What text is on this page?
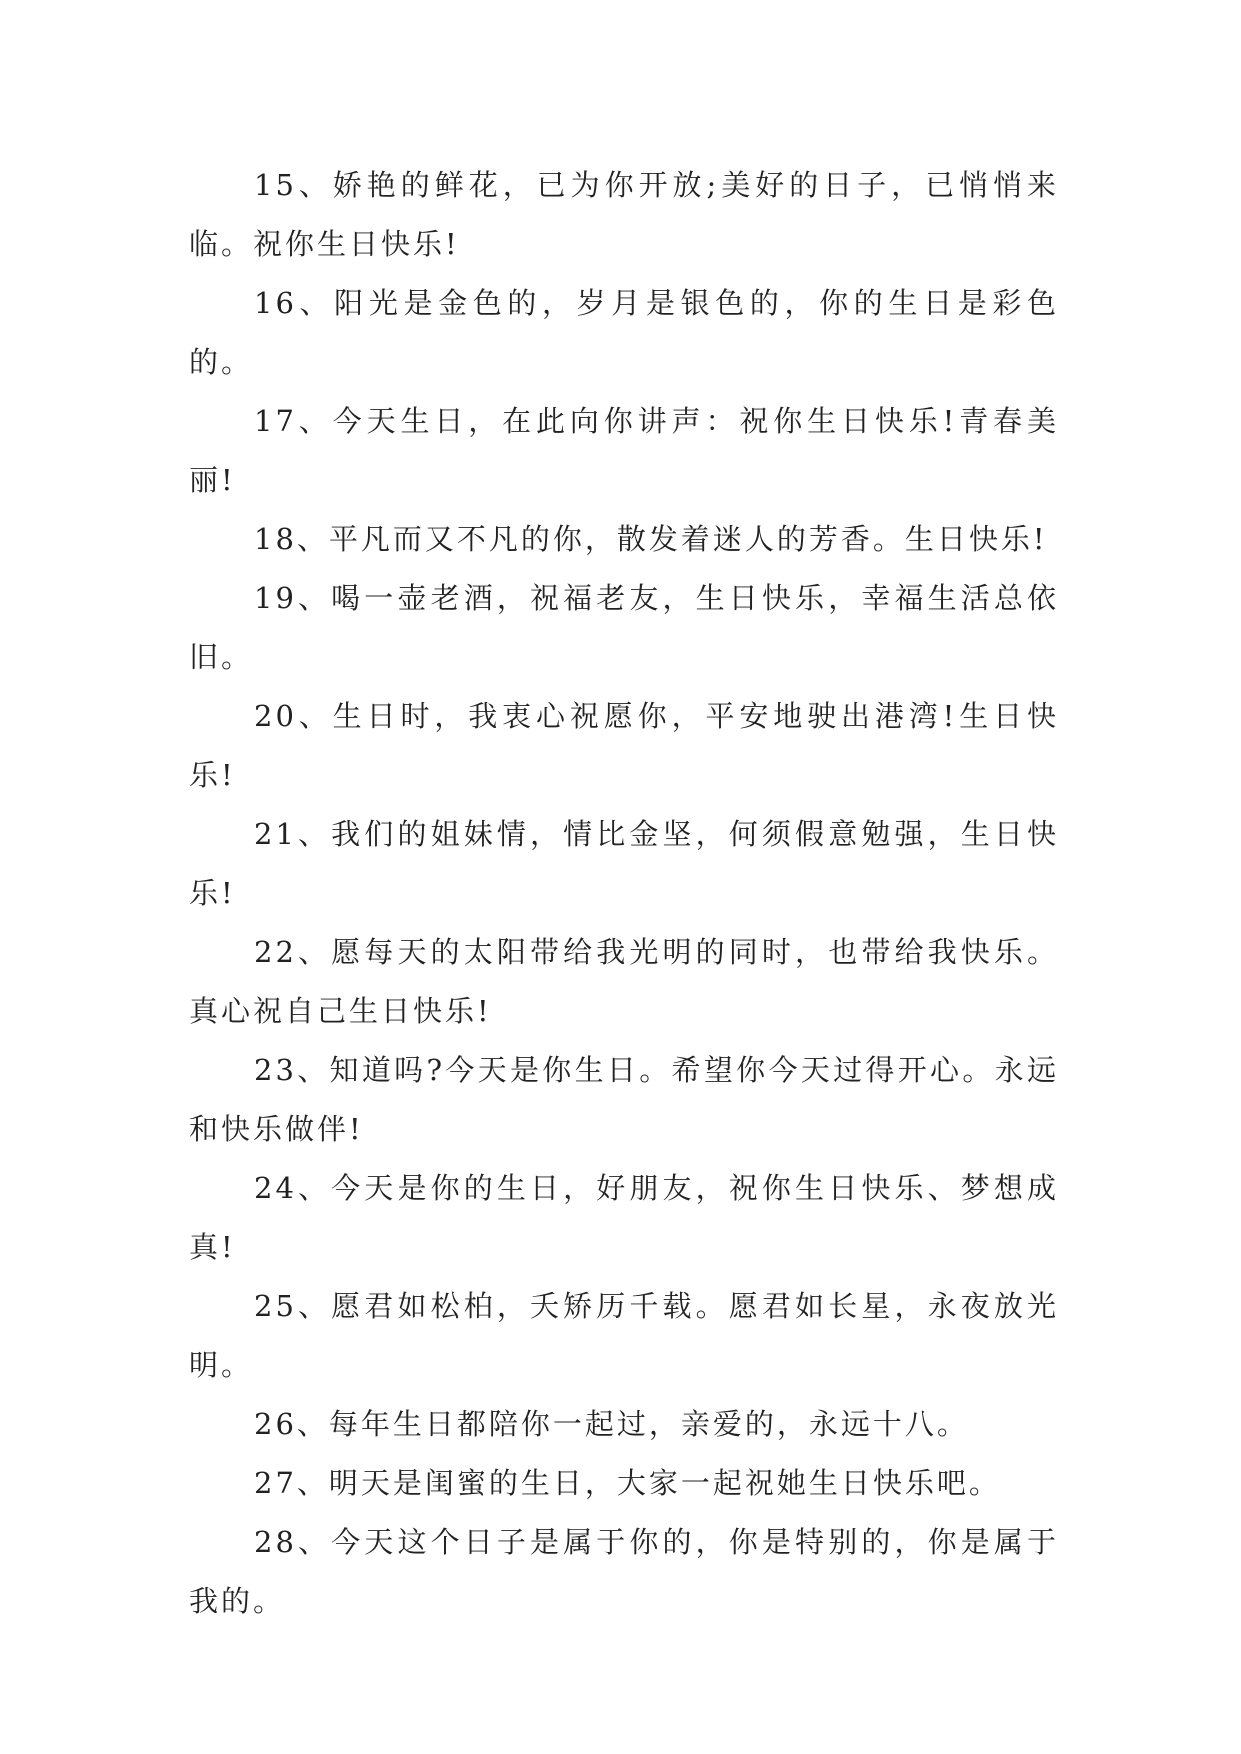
15、娇艳的鲜花，已为你开放;美好的日子，已悄悄来临。祝你生日快乐!

16、阳光是金色的，岁月是银色的，你的生日是彩色的。

17、今天生日，在此向你讲声：祝你生日快乐!青春美丽!

18、平凡而又不凡的你，散发着迷人的芳香。生日快乐!

19、喝一壶老酒，祝福老友，生日快乐，幸福生活总依旧。

20、生日时，我衷心祝愿你，平安地驶出港湾!生日快乐!

21、我们的姐妹情，情比金坚，何须假意勉强，生日快乐!

22、愿每天的太阳带给我光明的同时，也带给我快乐。真心祝自己生日快乐!

23、知道吗?今天是你生日。希望你今天过得开心。永远和快乐做伴!

24、今天是你的生日，好朋友，祝你生日快乐、梦想成真!

25、愿君如松柏，夭矫历千载。愿君如长星，永夜放光明。

26、每年生日都陪你一起过，亲爱的，永远十八。

27、明天是闺蜜的生日，大家一起祝她生日快乐吧。

28、今天这个日子是属于你的，你是特别的，你是属于我的。
